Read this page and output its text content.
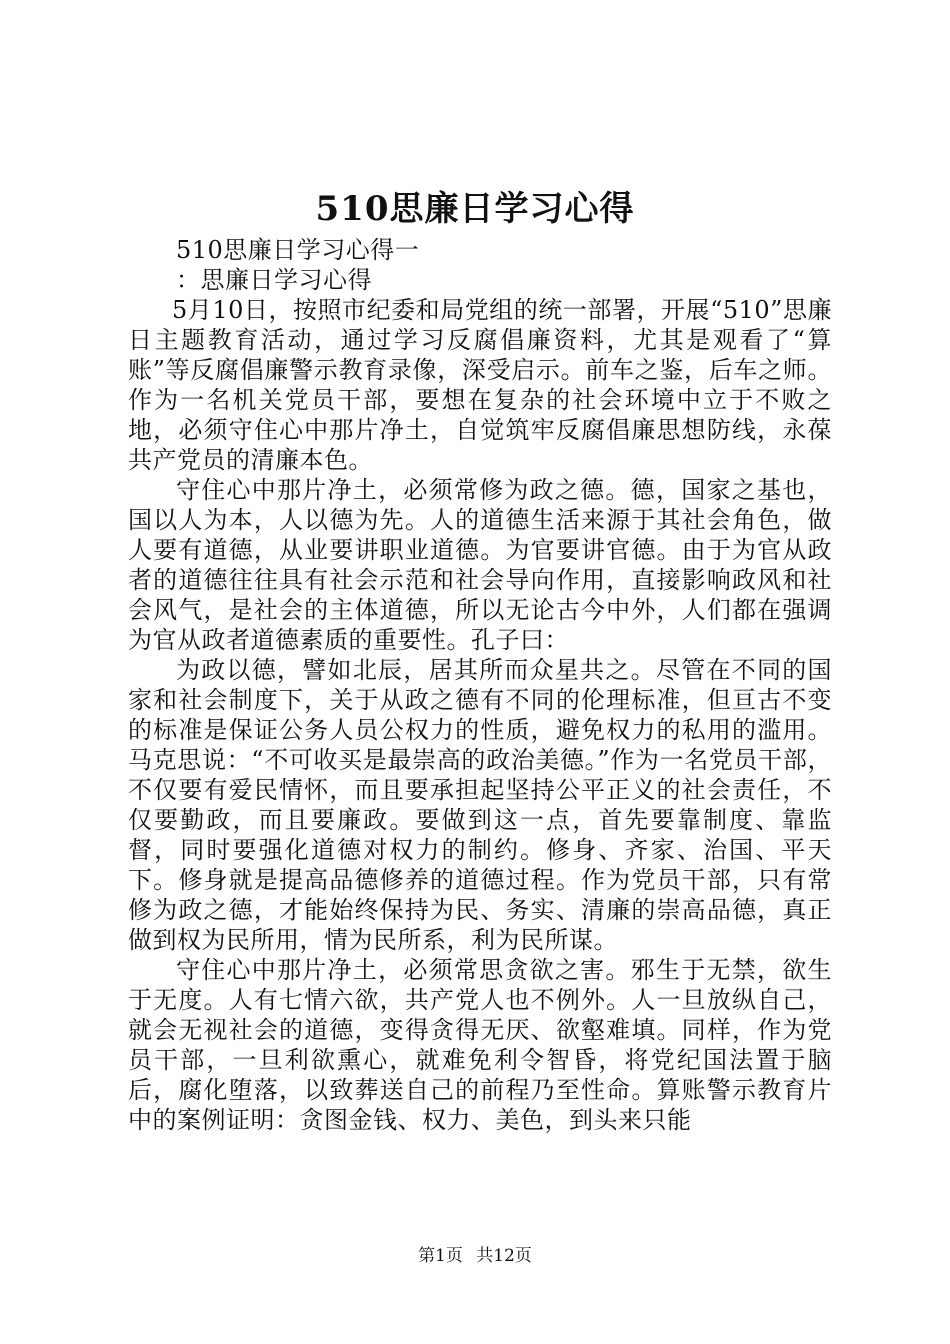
510思廉日学习心得

510思廉日学习心得一

：思廉日学习心得

5月10日，按照市纪委和局党组的统一部署，开展“510”思廉日主题教育活动，通过学习反腐倡廉资料，尤其是观看了“算账”等反腐倡廉警示教育录像，深受启示。前车之鉴，后车之师。作为一名机关党员干部，要想在复杂的社会环境中立于不败之地，必须守住心中那片净土，自觉筑牢反腐倡廉思想防线，永葆共产党员的清廉本色。

守住心中那片净土，必须常修为政之德。德，国家之基也，国以人为本，人以德为先。人的道德生活来源于其社会角色，做人要有道德，从业要讲职业道德。为官要讲官德。由于为官从政者的道德往往具有社会示范和社会导向作用，直接影响政风和社会风气，是社会的主体道德，所以无论古今中外，人们都在强调为官从政者道德素质的重要性。孔子曰：

为政以德，譬如北辰，居其所而众星共之。尽管在不同的国家和社会制度下，关于从政之德有不同的伦理标准，但亘古不变的标准是保证公务人员公权力的性质，避免权力的私用的滥用。马克思说：“不可收买是最崇高的政治美德。”作为一名党员干部，不仅要有爱民情怀，而且要承担起坚持公平正义的社会责任，不仅要勤政，而且要廉政。要做到这一点，首先要靠制度、靠监督，同时要强化道德对权力的制约。修身、齐家、治国、平天下。修身就是提高品德修养的道德过程。作为党员干部，只有常修为政之德，才能始终保持为民、务实、清廉的崇高品德，真正做到权为民所用，情为民所系，利为民所谋。

守住心中那片净土，必须常思贪欲之害。邪生于无禁，欲生于无度。人有七情六欲，共产党人也不例外。人一旦放纵自己，就会无视社会的道德，变得贪得无厌、欲壑难填。同样，作为党员干部，一旦利欲熏心，就难免利令智昏，将党纪国法置于脑后，腐化堕落，以致葬送自己的前程乃至性命。算账警示教育片中的案例证明：贪图金钱、权力、美色，到头来只能

第1页 共12页
